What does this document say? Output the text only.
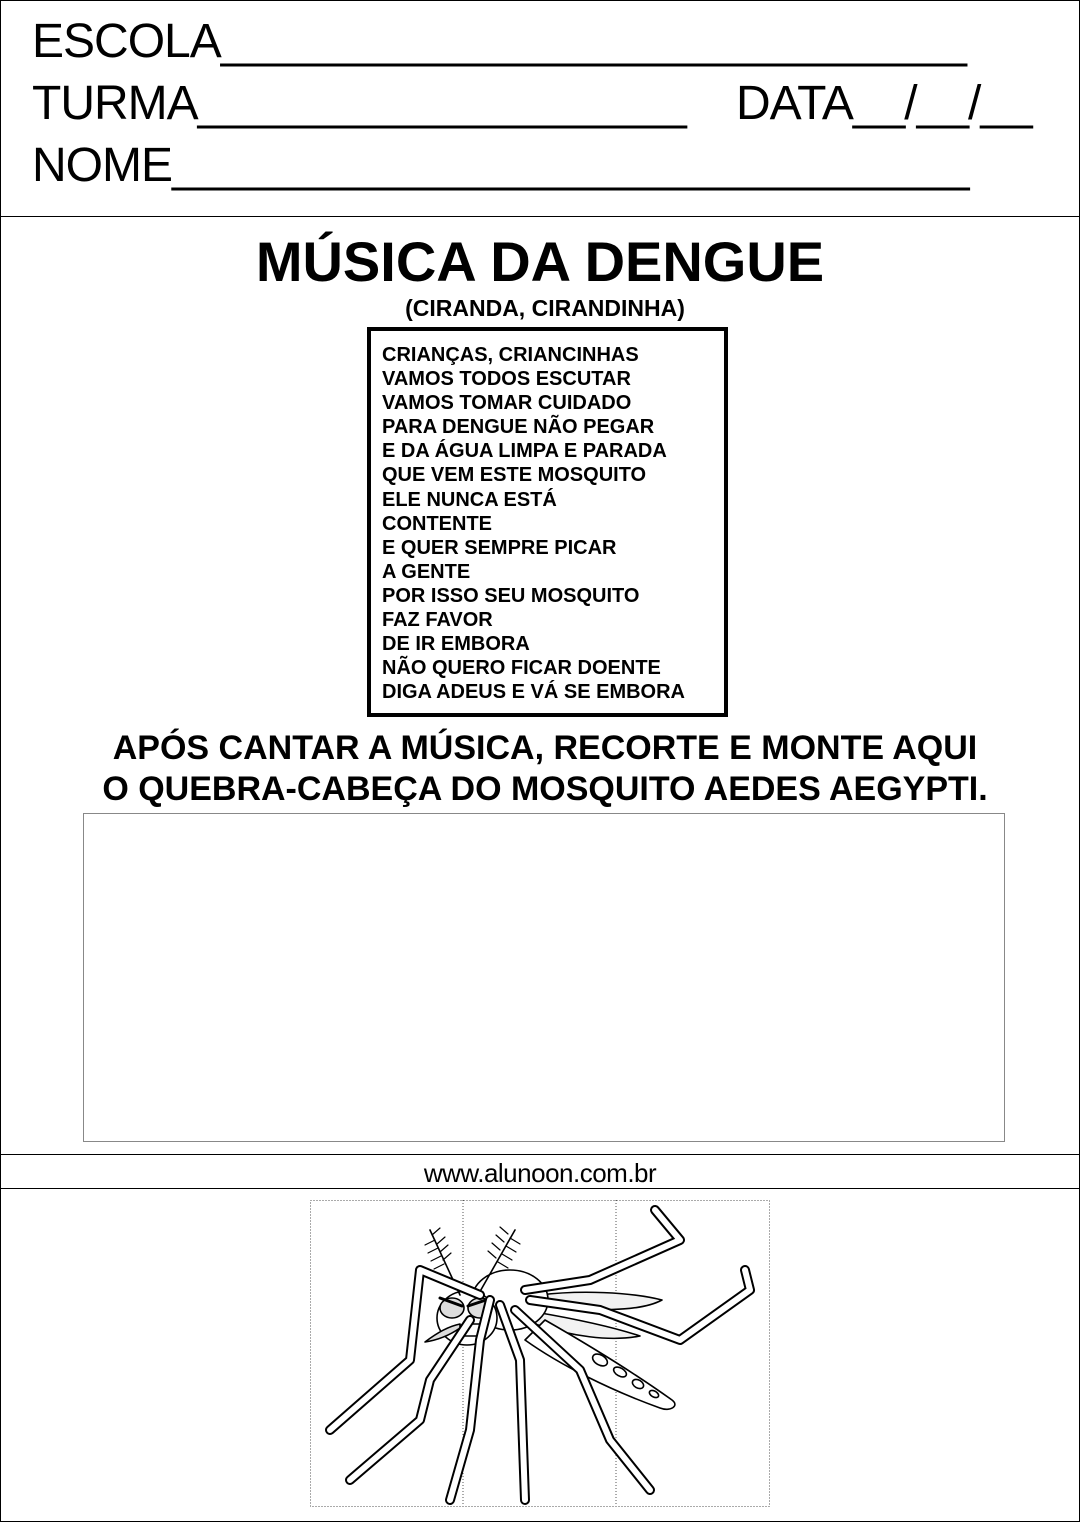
ESCOLA_____________________________
TURMA___________________ DATA__/__/__
NOME_______________________________
MÚSICA DA DENGUE
(CIRANDA, CIRANDINHA)
CRIANÇAS, CRIANCINHAS
VAMOS TODOS ESCUTAR
VAMOS TOMAR CUIDADO
PARA DENGUE NÃO PEGAR
E DA ÁGUA LIMPA E PARADA
QUE VEM ESTE MOSQUITO
ELE NUNCA ESTÁ
CONTENTE
E QUER SEMPRE PICAR
A GENTE
POR ISSO SEU MOSQUITO
FAZ FAVOR
DE IR EMBORA
NÃO QUERO FICAR DOENTE
DIGA ADEUS E VÁ SE EMBORA
APÓS CANTAR A MÚSICA, RECORTE E MONTE AQUI
O QUEBRA-CABEÇA DO MOSQUITO AEDES AEGYPTI.
www.alunoon.com.br
